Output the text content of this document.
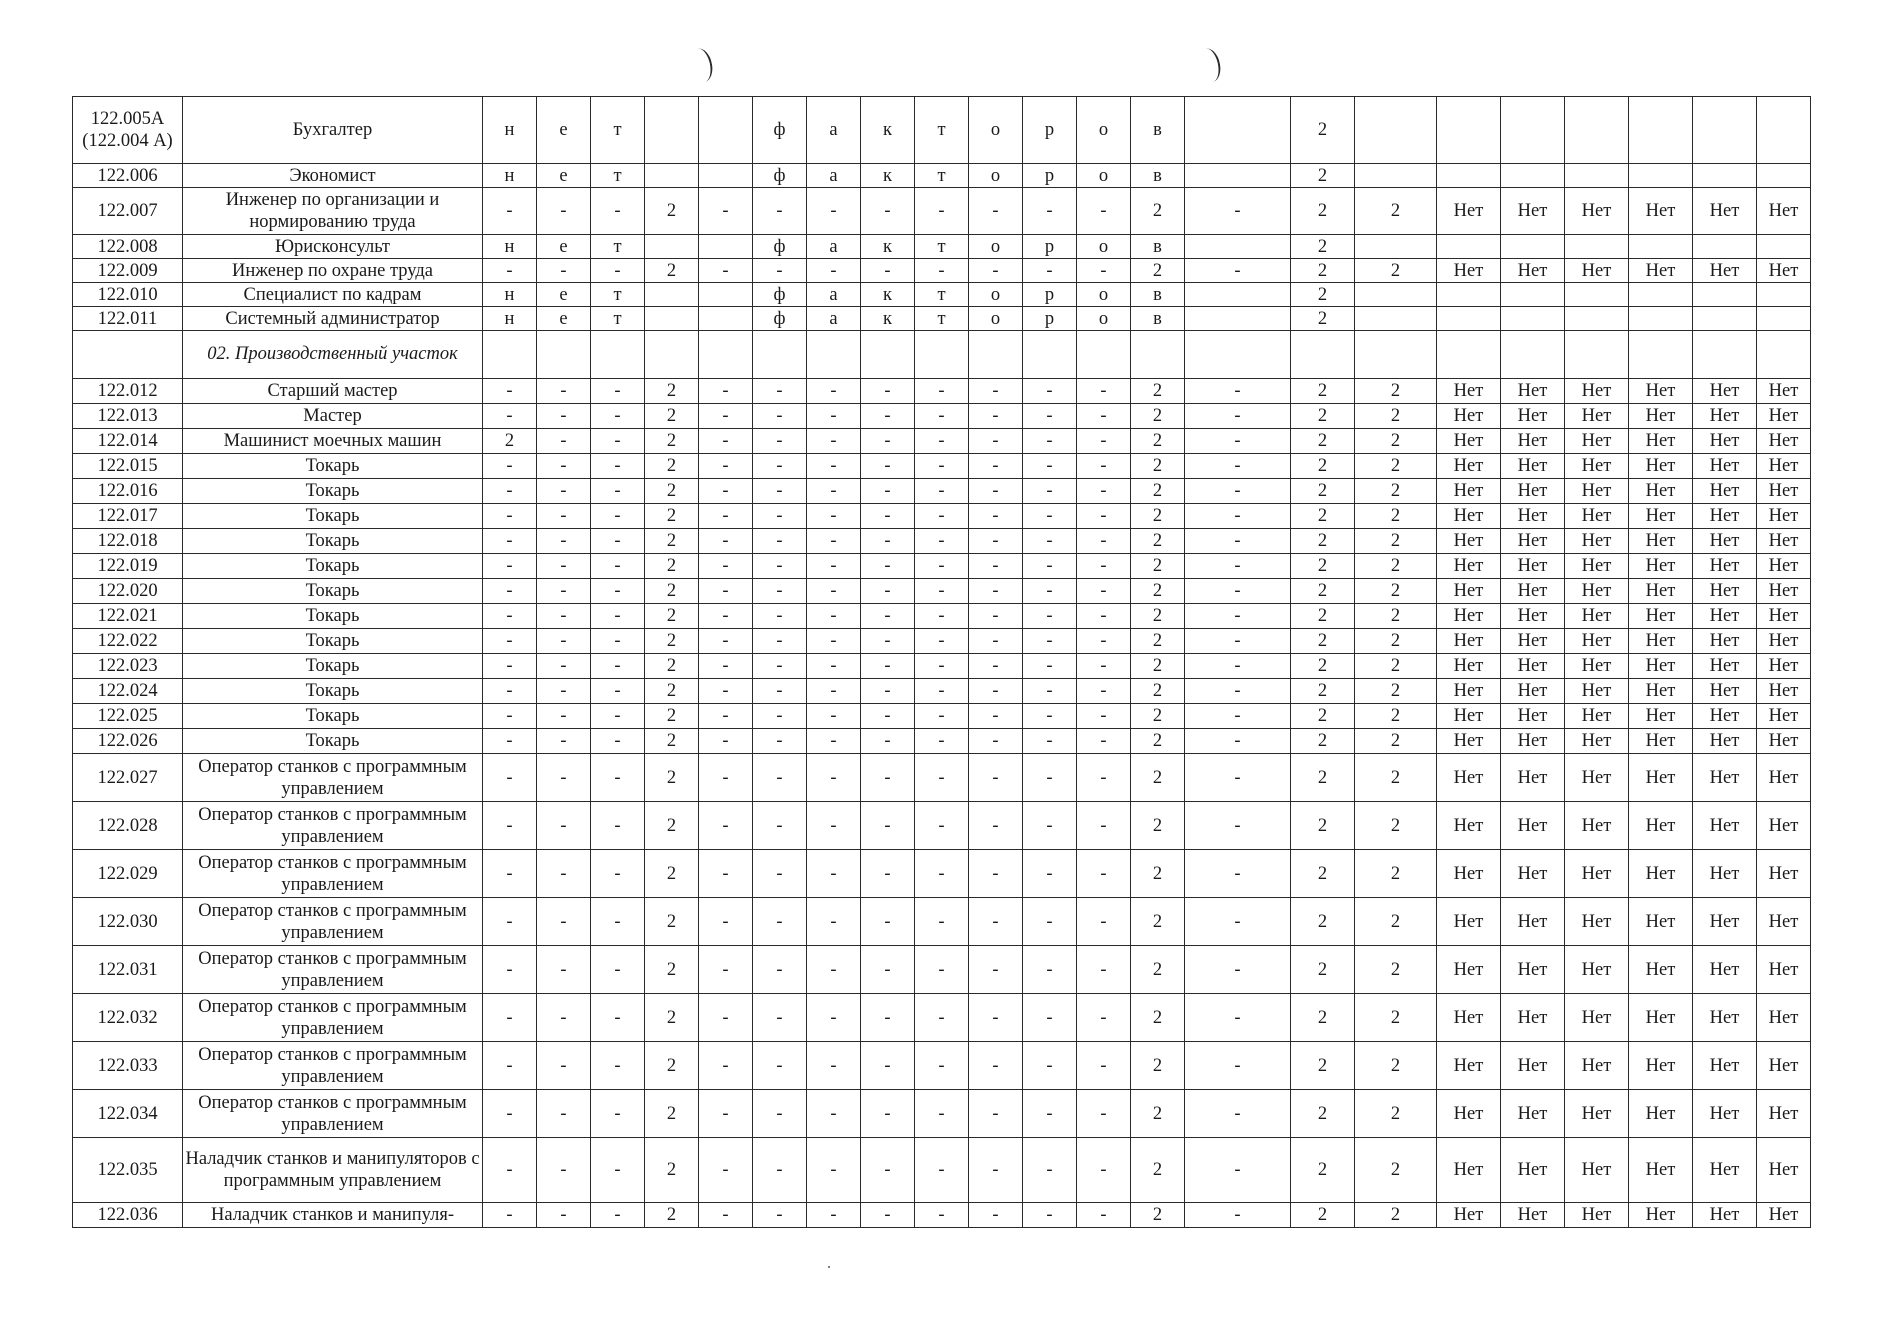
122.005А (122.004 А)	Бухгалтер	н	е	т			ф	а	к	т	о	р	о	в		2							
122.006	Экономист	н	е	т			ф	а	к	т	о	р	о	в		2							
122.007	Инженер по организации и нормированию труда	-	-	-	2	-	-	-	-	-	-	-	-	2	-	2	2	Нет	Нет	Нет	Нет	Нет	Нет
122.008	Юрисконсульт	н	е	т			ф	а	к	т	о	р	о	в		2							
122.009	Инженер по охране труда	-	-	-	2	-	-	-	-	-	-	-	-	2	-	2	2	Нет	Нет	Нет	Нет	Нет	Нет
122.010	Специалист по кадрам	н	е	т			ф	а	к	т	о	р	о	в		2							
122.011	Системный администратор	н	е	т			ф	а	к	т	о	р	о	в		2							
	02. Производственный участок																						
122.012	Старший мастер	-	-	-	2	-	-	-	-	-	-	-	-	2	-	2	2	Нет	Нет	Нет	Нет	Нет	Нет
122.013	Мастер	-	-	-	2	-	-	-	-	-	-	-	-	2	-	2	2	Нет	Нет	Нет	Нет	Нет	Нет
122.014	Машинист моечных машин	2	-	-	2	-	-	-	-	-	-	-	-	2	-	2	2	Нет	Нет	Нет	Нет	Нет	Нет
122.015	Токарь	-	-	-	2	-	-	-	-	-	-	-	-	2	-	2	2	Нет	Нет	Нет	Нет	Нет	Нет
122.016	Токарь	-	-	-	2	-	-	-	-	-	-	-	-	2	-	2	2	Нет	Нет	Нет	Нет	Нет	Нет
122.017	Токарь	-	-	-	2	-	-	-	-	-	-	-	-	2	-	2	2	Нет	Нет	Нет	Нет	Нет	Нет
122.018	Токарь	-	-	-	2	-	-	-	-	-	-	-	-	2	-	2	2	Нет	Нет	Нет	Нет	Нет	Нет
122.019	Токарь	-	-	-	2	-	-	-	-	-	-	-	-	2	-	2	2	Нет	Нет	Нет	Нет	Нет	Нет
122.020	Токарь	-	-	-	2	-	-	-	-	-	-	-	-	2	-	2	2	Нет	Нет	Нет	Нет	Нет	Нет
122.021	Токарь	-	-	-	2	-	-	-	-	-	-	-	-	2	-	2	2	Нет	Нет	Нет	Нет	Нет	Нет
122.022	Токарь	-	-	-	2	-	-	-	-	-	-	-	-	2	-	2	2	Нет	Нет	Нет	Нет	Нет	Нет
122.023	Токарь	-	-	-	2	-	-	-	-	-	-	-	-	2	-	2	2	Нет	Нет	Нет	Нет	Нет	Нет
122.024	Токарь	-	-	-	2	-	-	-	-	-	-	-	-	2	-	2	2	Нет	Нет	Нет	Нет	Нет	Нет
122.025	Токарь	-	-	-	2	-	-	-	-	-	-	-	-	2	-	2	2	Нет	Нет	Нет	Нет	Нет	Нет
122.026	Токарь	-	-	-	2	-	-	-	-	-	-	-	-	2	-	2	2	Нет	Нет	Нет	Нет	Нет	Нет
122.027	Оператор станков с программным управлением	-	-	-	2	-	-	-	-	-	-	-	-	2	-	2	2	Нет	Нет	Нет	Нет	Нет	Нет
122.028	Оператор станков с программным управлением	-	-	-	2	-	-	-	-	-	-	-	-	2	-	2	2	Нет	Нет	Нет	Нет	Нет	Нет
122.029	Оператор станков с программным управлением	-	-	-	2	-	-	-	-	-	-	-	-	2	-	2	2	Нет	Нет	Нет	Нет	Нет	Нет
122.030	Оператор станков с программным управлением	-	-	-	2	-	-	-	-	-	-	-	-	2	-	2	2	Нет	Нет	Нет	Нет	Нет	Нет
122.031	Оператор станков с программным управлением	-	-	-	2	-	-	-	-	-	-	-	-	2	-	2	2	Нет	Нет	Нет	Нет	Нет	Нет
122.032	Оператор станков с программным управлением	-	-	-	2	-	-	-	-	-	-	-	-	2	-	2	2	Нет	Нет	Нет	Нет	Нет	Нет
122.033	Оператор станков с программным управлением	-	-	-	2	-	-	-	-	-	-	-	-	2	-	2	2	Нет	Нет	Нет	Нет	Нет	Нет
122.034	Оператор станков с программным управлением	-	-	-	2	-	-	-	-	-	-	-	-	2	-	2	2	Нет	Нет	Нет	Нет	Нет	Нет
122.035	Наладчик станков и манипуляторов с программным управлением	-	-	-	2	-	-	-	-	-	-	-	-	2	-	2	2	Нет	Нет	Нет	Нет	Нет	Нет
122.036	Наладчик станков и манипуля-	-	-	-	2	-	-	-	-	-	-	-	-	2	-	2	2	Нет	Нет	Нет	Нет	Нет	Нет
